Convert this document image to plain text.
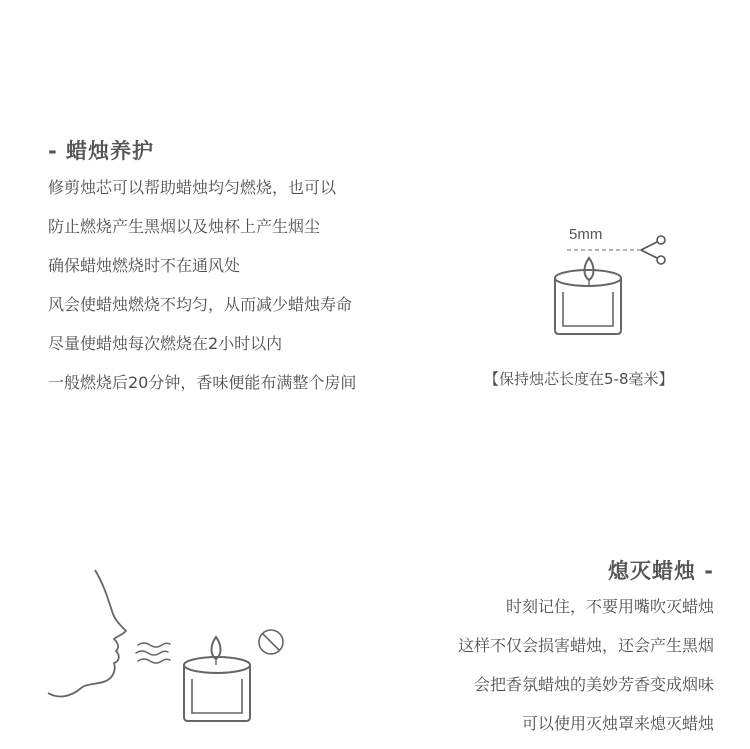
- 蜡烛养护
修剪烛芯可以帮助蜡烛均匀燃烧，也可以
防止燃烧产生黑烟以及烛杯上产生烟尘
确保蜡烛燃烧时不在通风处
风会使蜡烛燃烧不均匀，从而减少蜡烛寿命
尽量使蜡烛每次燃烧在2小时以内
一般燃烧后20分钟，香味便能布满整个房间
5mm
【保持烛芯长度在5-8毫米】
熄灭蜡烛 -
时刻记住，不要用嘴吹灭蜡烛
这样不仅会损害蜡烛，还会产生黑烟
会把香氛蜡烛的美妙芳香变成烟味
可以使用灭烛罩来熄灭蜡烛
